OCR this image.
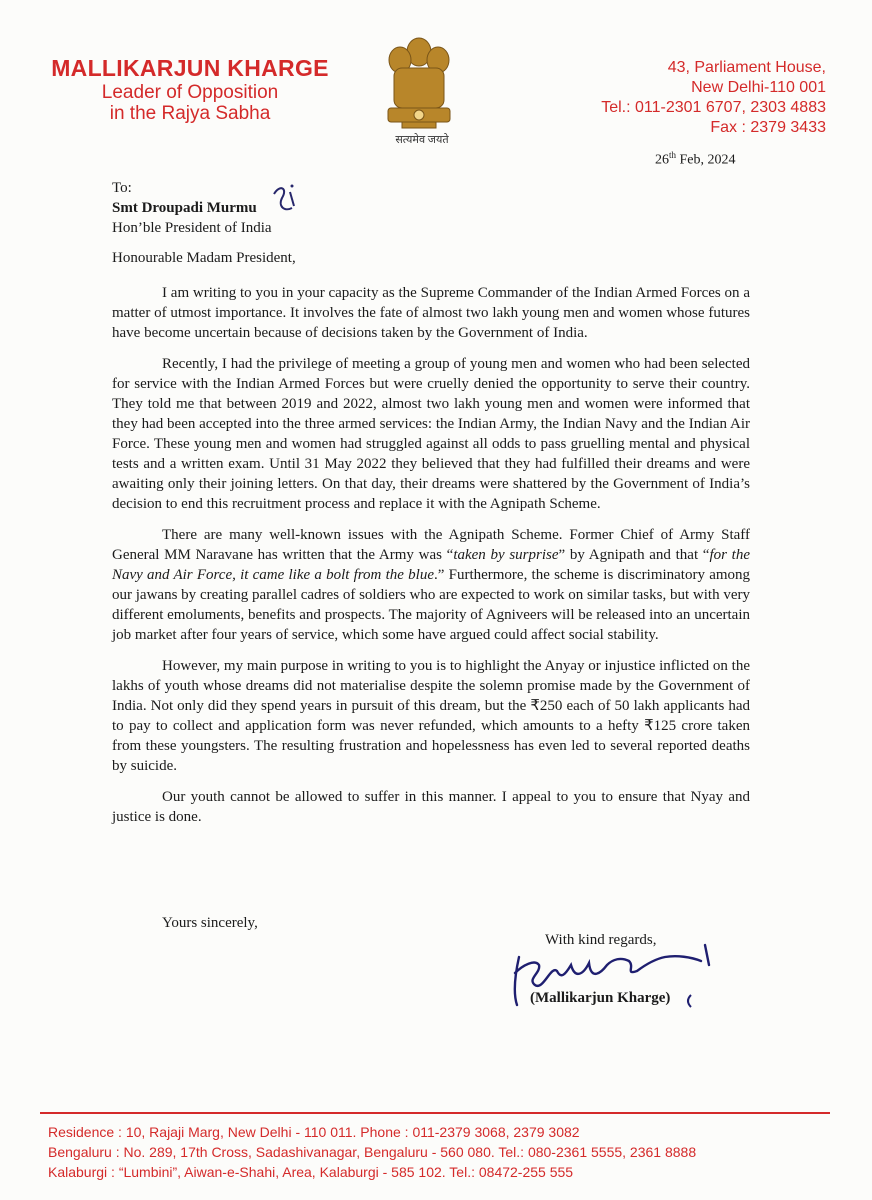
MALLIKARJUN KHARGE
Leader of Opposition
in the Rajya Sabha
सत्यमेव जयते
43, Parliament House,
New Delhi-110 001
Tel.: 011-2301 6707, 2303 4883
Fax : 2379 3433
26th Feb, 2024
To:
Smt Droupadi Murmu
Hon’ble President of India
Honourable Madam President,

I am writing to you in your capacity as the Supreme Commander of the Indian Armed Forces on a matter of utmost importance. It involves the fate of almost two lakh young men and women whose futures have become uncertain because of decisions taken by the Government of India.

Recently, I had the privilege of meeting a group of young men and women who had been selected for service with the Indian Armed Forces but were cruelly denied the opportunity to serve their country. They told me that between 2019 and 2022, almost two lakh young men and women were informed that they had been accepted into the three armed services: the Indian Army, the Indian Navy and the Indian Air Force. These young men and women had struggled against all odds to pass gruelling mental and physical tests and a written exam. Until 31 May 2022 they believed that they had fulfilled their dreams and were awaiting only their joining letters. On that day, their dreams were shattered by the Government of India’s decision to end this recruitment process and replace it with the Agnipath Scheme.

There are many well-known issues with the Agnipath Scheme. Former Chief of Army Staff General MM Naravane has written that the Army was “taken by surprise” by Agnipath and that “for the Navy and Air Force, it came like a bolt from the blue.” Furthermore, the scheme is discriminatory among our jawans by creating parallel cadres of soldiers who are expected to work on similar tasks, but with very different emoluments, benefits and prospects. The majority of Agniveers will be released into an uncertain job market after four years of service, which some have argued could affect social stability.

However, my main purpose in writing to you is to highlight the Anyay or injustice inflicted on the lakhs of youth whose dreams did not materialise despite the solemn promise made by the Government of India. Not only did they spend years in pursuit of this dream, but the ₹250 each of 50 lakh applicants had to pay to collect and application form was never refunded, which amounts to a hefty ₹125 crore taken from these youngsters. The resulting frustration and hopelessness has even led to several reported deaths by suicide.

Our youth cannot be allowed to suffer in this manner. I appeal to you to ensure that Nyay and justice is done.

Yours sincerely,
With kind regards,
(Mallikarjun Kharge)
Residence : 10, Rajaji Marg, New Delhi - 110 011. Phone : 011-2379 3068, 2379 3082
Bengaluru : No. 289, 17th Cross, Sadashivanagar, Bengaluru - 560 080. Tel.: 080-2361 5555, 2361 8888
Kalaburgi : “Lumbini”, Aiwan-e-Shahi, Area, Kalaburgi - 585 102. Tel.: 08472-255 555
